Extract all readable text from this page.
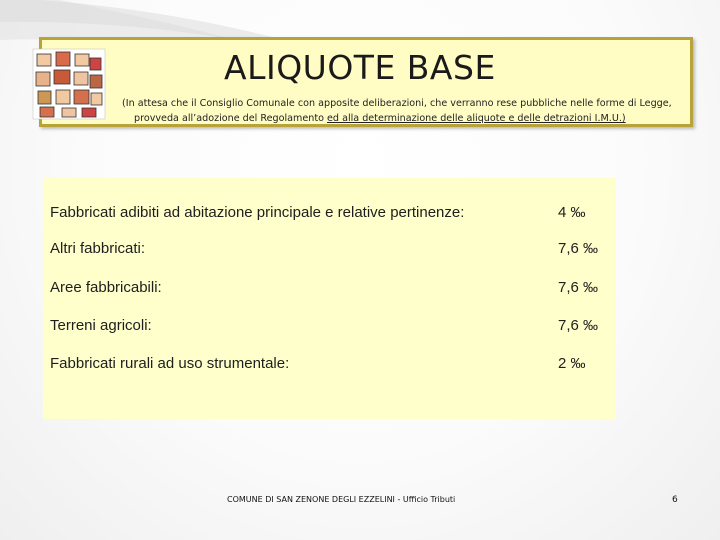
ALIQUOTE BASE
(In attesa che il Consiglio Comunale con apposite deliberazioni, che verranno rese pubbliche nelle forme di Legge,
provveda all’adozione del Regolamento ed alla determinazione delle aliquote e delle detrazioni I.M.U.)
Fabbricati adibiti ad abitazione principale e relative pertinenze:	4 ‰
Altri fabbricati:	7,6 ‰
Aree fabbricabili:	7,6 ‰
Terreni agricoli:	7,6 ‰
Fabbricati rurali ad uso strumentale:	2 ‰
COMUNE DI SAN ZENONE DEGLI EZZELINI - Ufficio Tributi	6
